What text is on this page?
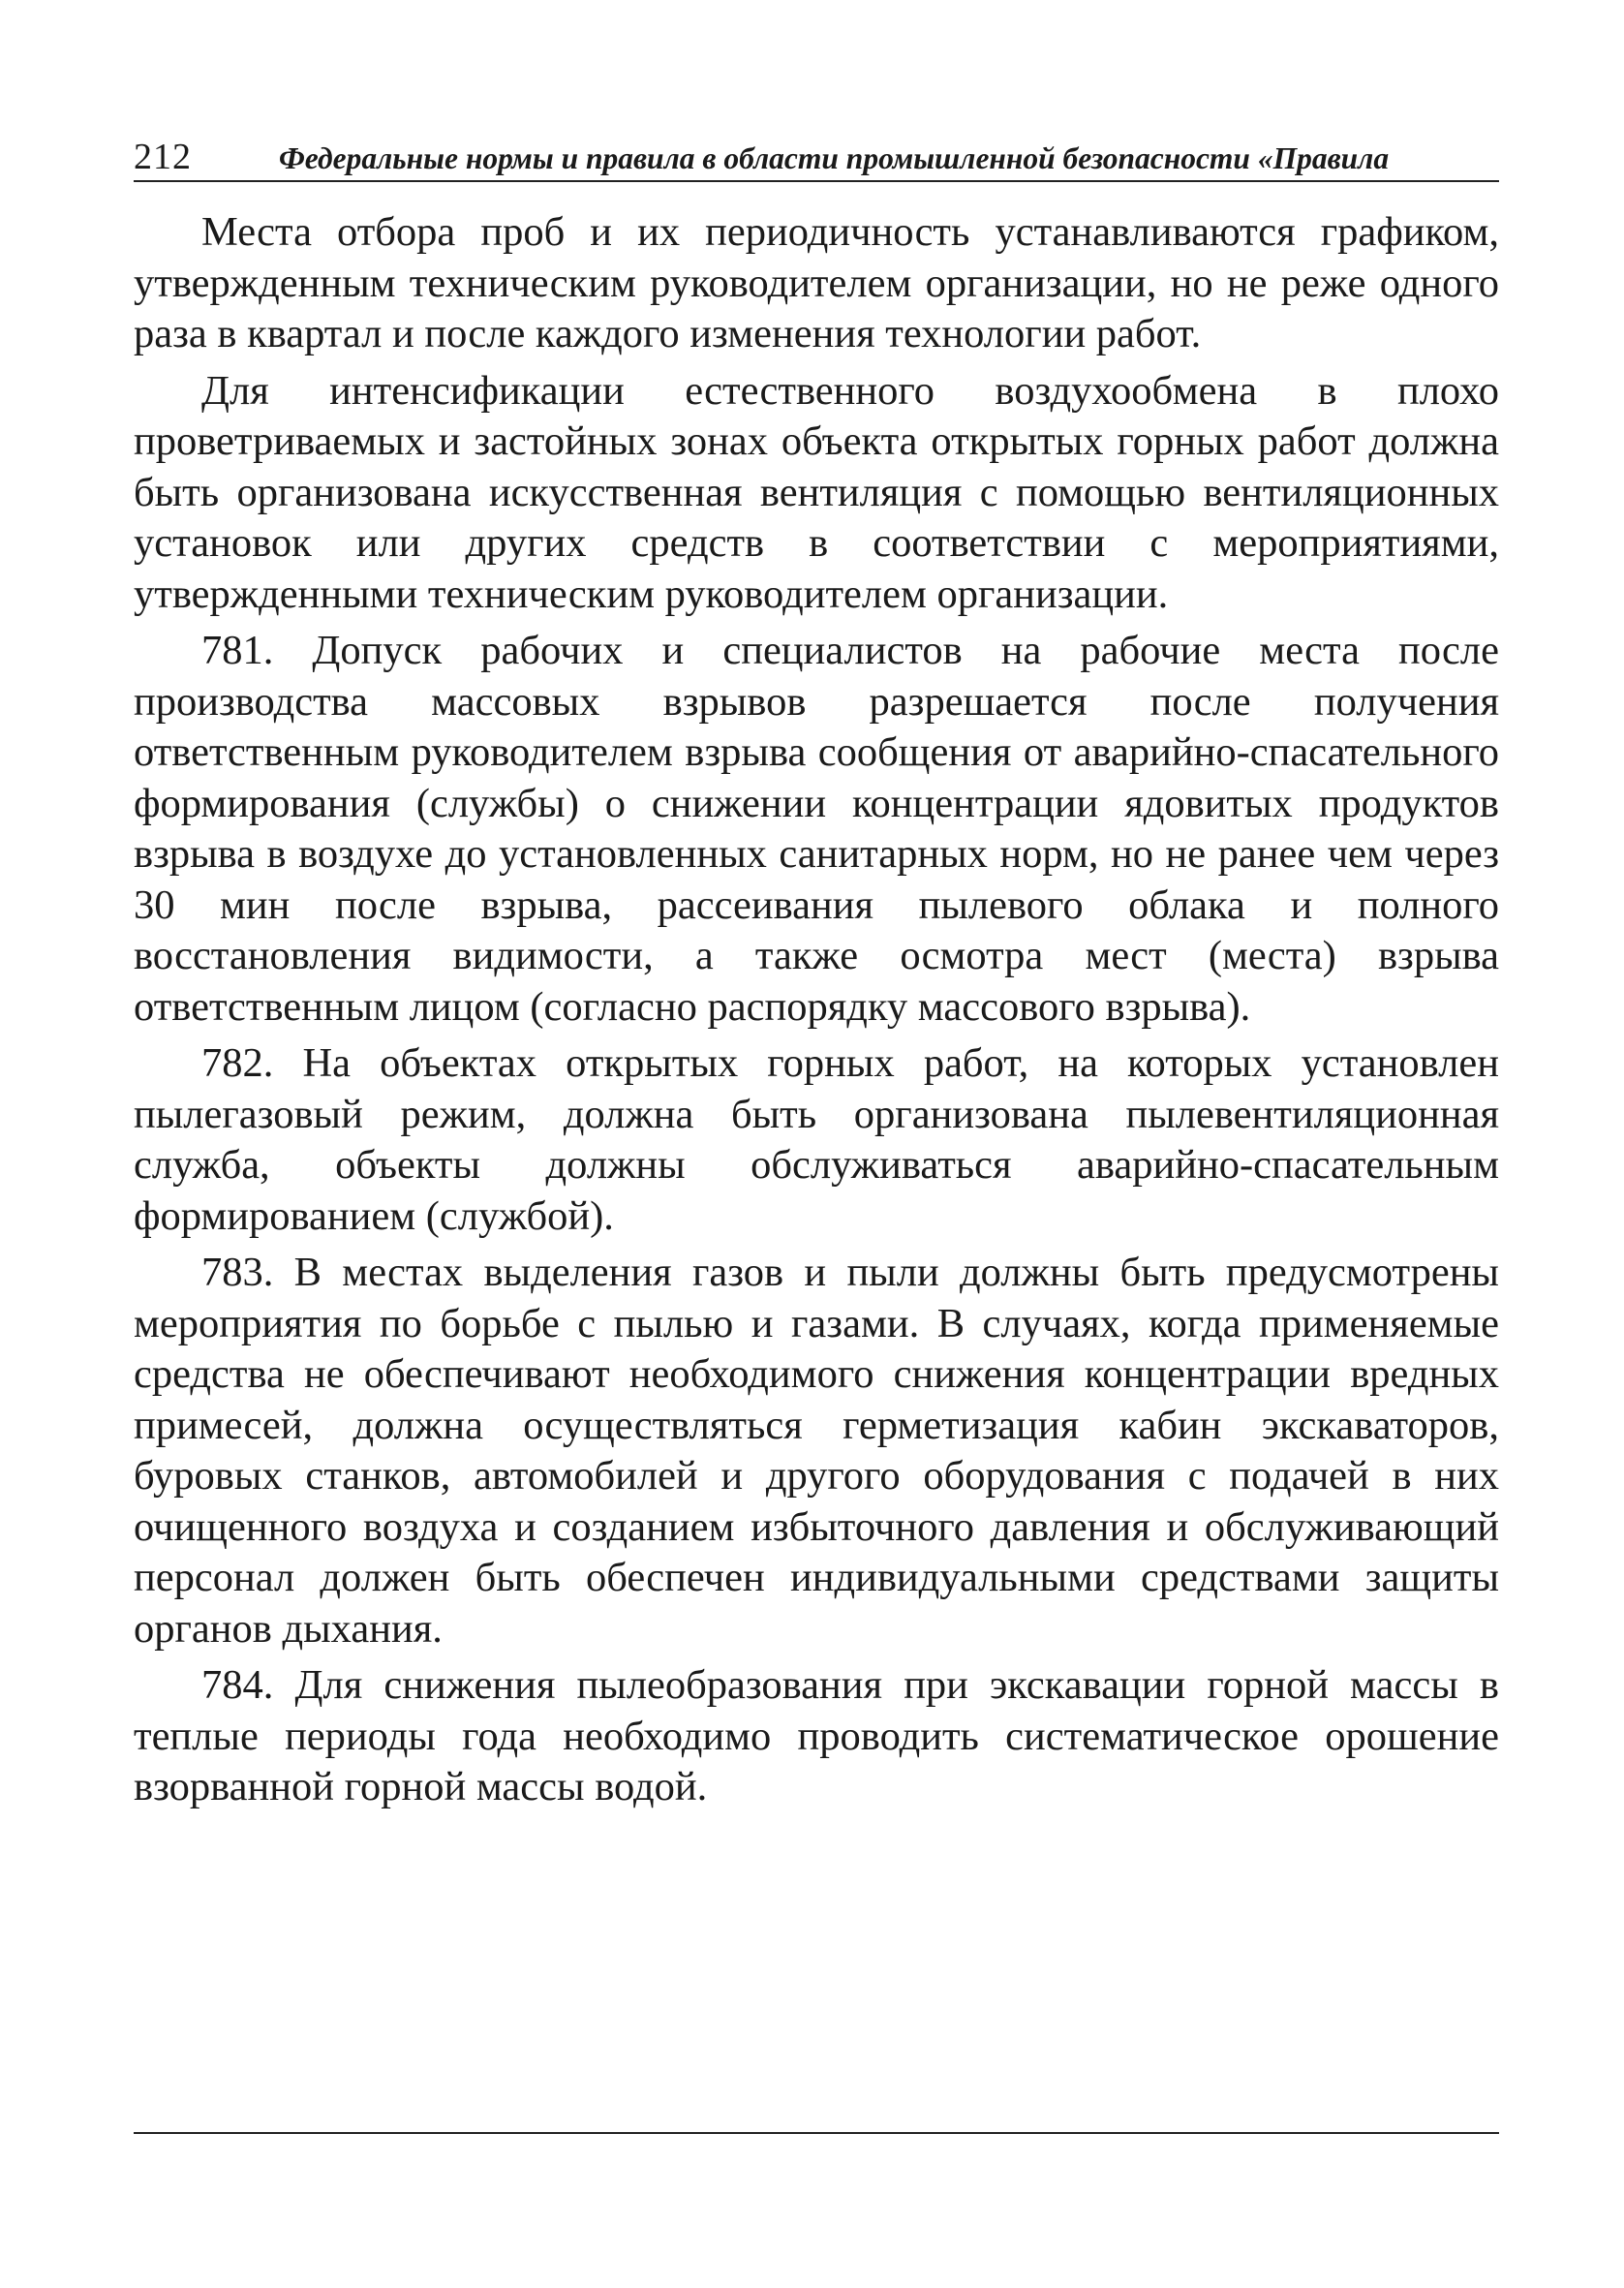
212	Федеральные нормы и правила в области промышленной безопасности «Правила

Места отбора проб и их периодичность устанавливаются графиком, утвержденным техническим руководителем организации, но не реже одного раза в квартал и после каждого изменения технологии работ.

Для интенсификации естественного воздухообмена в плохо проветриваемых и застойных зонах объекта открытых горных работ должна быть организована искусственная вентиляция с помощью вентиляционных установок или других средств в соответствии с мероприятиями, утвержденными техническим руководителем организации.

781. Допуск рабочих и специалистов на рабочие места после производства массовых взрывов разрешается после получения ответственным руководителем взрыва сообщения от аварийно-спасательного формирования (службы) о снижении концентрации ядовитых продуктов взрыва в воздухе до установленных санитарных норм, но не ранее чем через 30 мин после взрыва, рассеивания пылевого облака и полного восстановления видимости, а также осмотра мест (места) взрыва ответственным лицом (согласно распорядку массового взрыва).

782. На объектах открытых горных работ, на которых установлен пылегазовый режим, должна быть организована пылевентиляционная служба, объекты должны обслуживаться аварийно-спасательным формированием (службой).

783. В местах выделения газов и пыли должны быть предусмотрены мероприятия по борьбе с пылью и газами. В случаях, когда применяемые средства не обеспечивают необходимого снижения концентрации вредных примесей, должна осуществляться герметизация кабин экскаваторов, буровых станков, автомобилей и другого оборудования с подачей в них очищенного воздуха и созданием избыточного давления и обслуживающий персонал должен быть обеспечен индивидуальными средствами защиты органов дыхания.

784. Для снижения пылеобразования при экскавации горной массы в теплые периоды года необходимо проводить систематическое орошение взорванной горной массы водой.
